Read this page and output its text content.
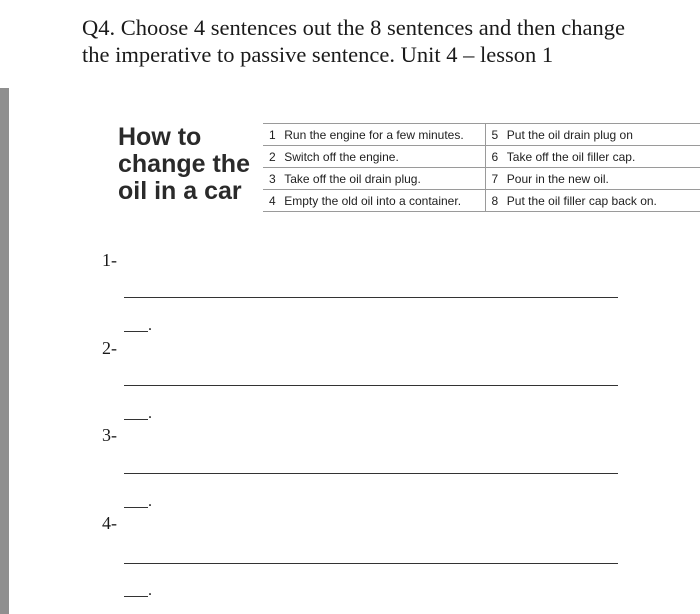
Q4. Choose 4 sentences out the 8 sentences and then change the imperative to passive sentence. Unit 4 – lesson 1
How to
change the
oil in a car
1	Run the engine for a few minutes.	5	Put the oil drain plug on
2	Switch off the engine.	6	Take off the oil filler cap.
3	Take off the oil drain plug.	7	Pour in the new oil.
4	Empty the old oil into a container.	8	Put the oil filler cap back on.
1-
.
2-
.
3-
.
4-
.
